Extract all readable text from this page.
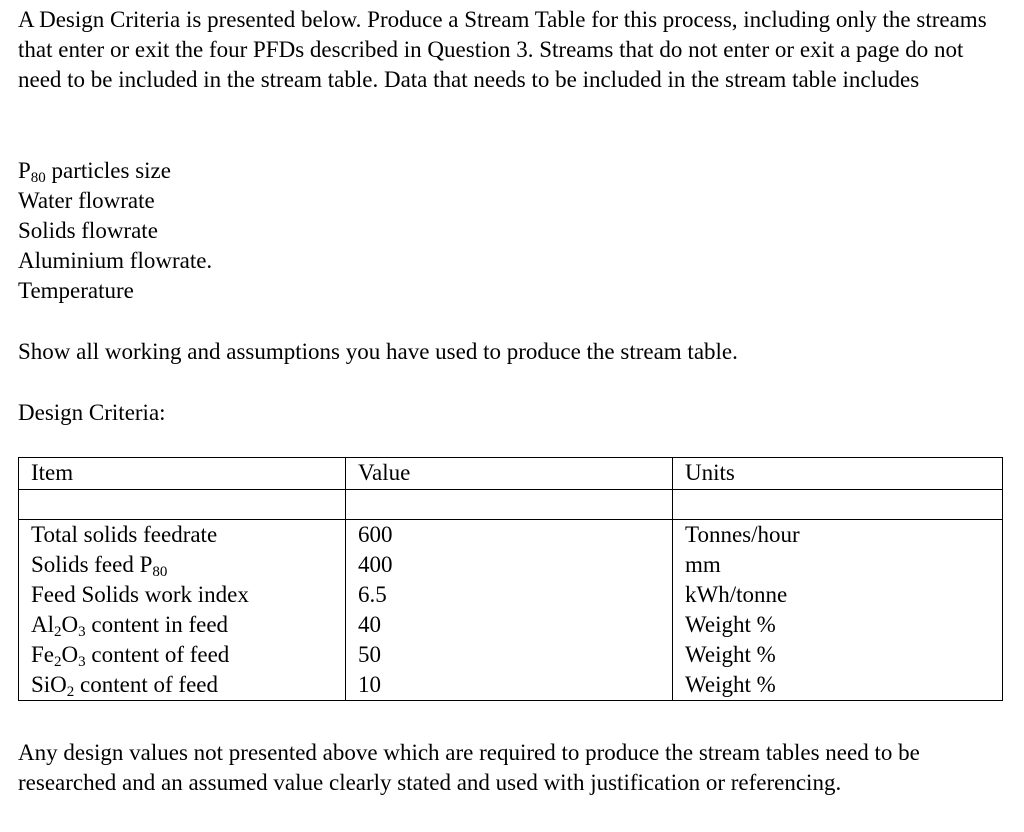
A Design Criteria is presented below. Produce a Stream Table for this process, including only the streams that enter or exit the four PFDs described in Question 3. Streams that do not enter or exit a page do not need to be included in the stream table. Data that needs to be included in the stream table includes

$P_{80}$ particles size
Water flowrate
Solids flowrate
Aluminium flowrate.
Temperature

Show all working and assumptions you have used to produce the stream table.

Design Criteria:

Item	Value	Units

Total solids feedrate	600	Tonnes/hour
Solids feed $P_{80}$	400	mm
Feed Solids work index	6.5	kWh/tonne
$Al_2O_3$ content in feed	40	Weight %
$Fe_2O_3$ content of feed	50	Weight %
SiO$_2$ content of feed	10	Weight %

Any design values not presented above which are required to produce the stream tables need to be researched and an assumed value clearly stated and used with justification or referencing.
